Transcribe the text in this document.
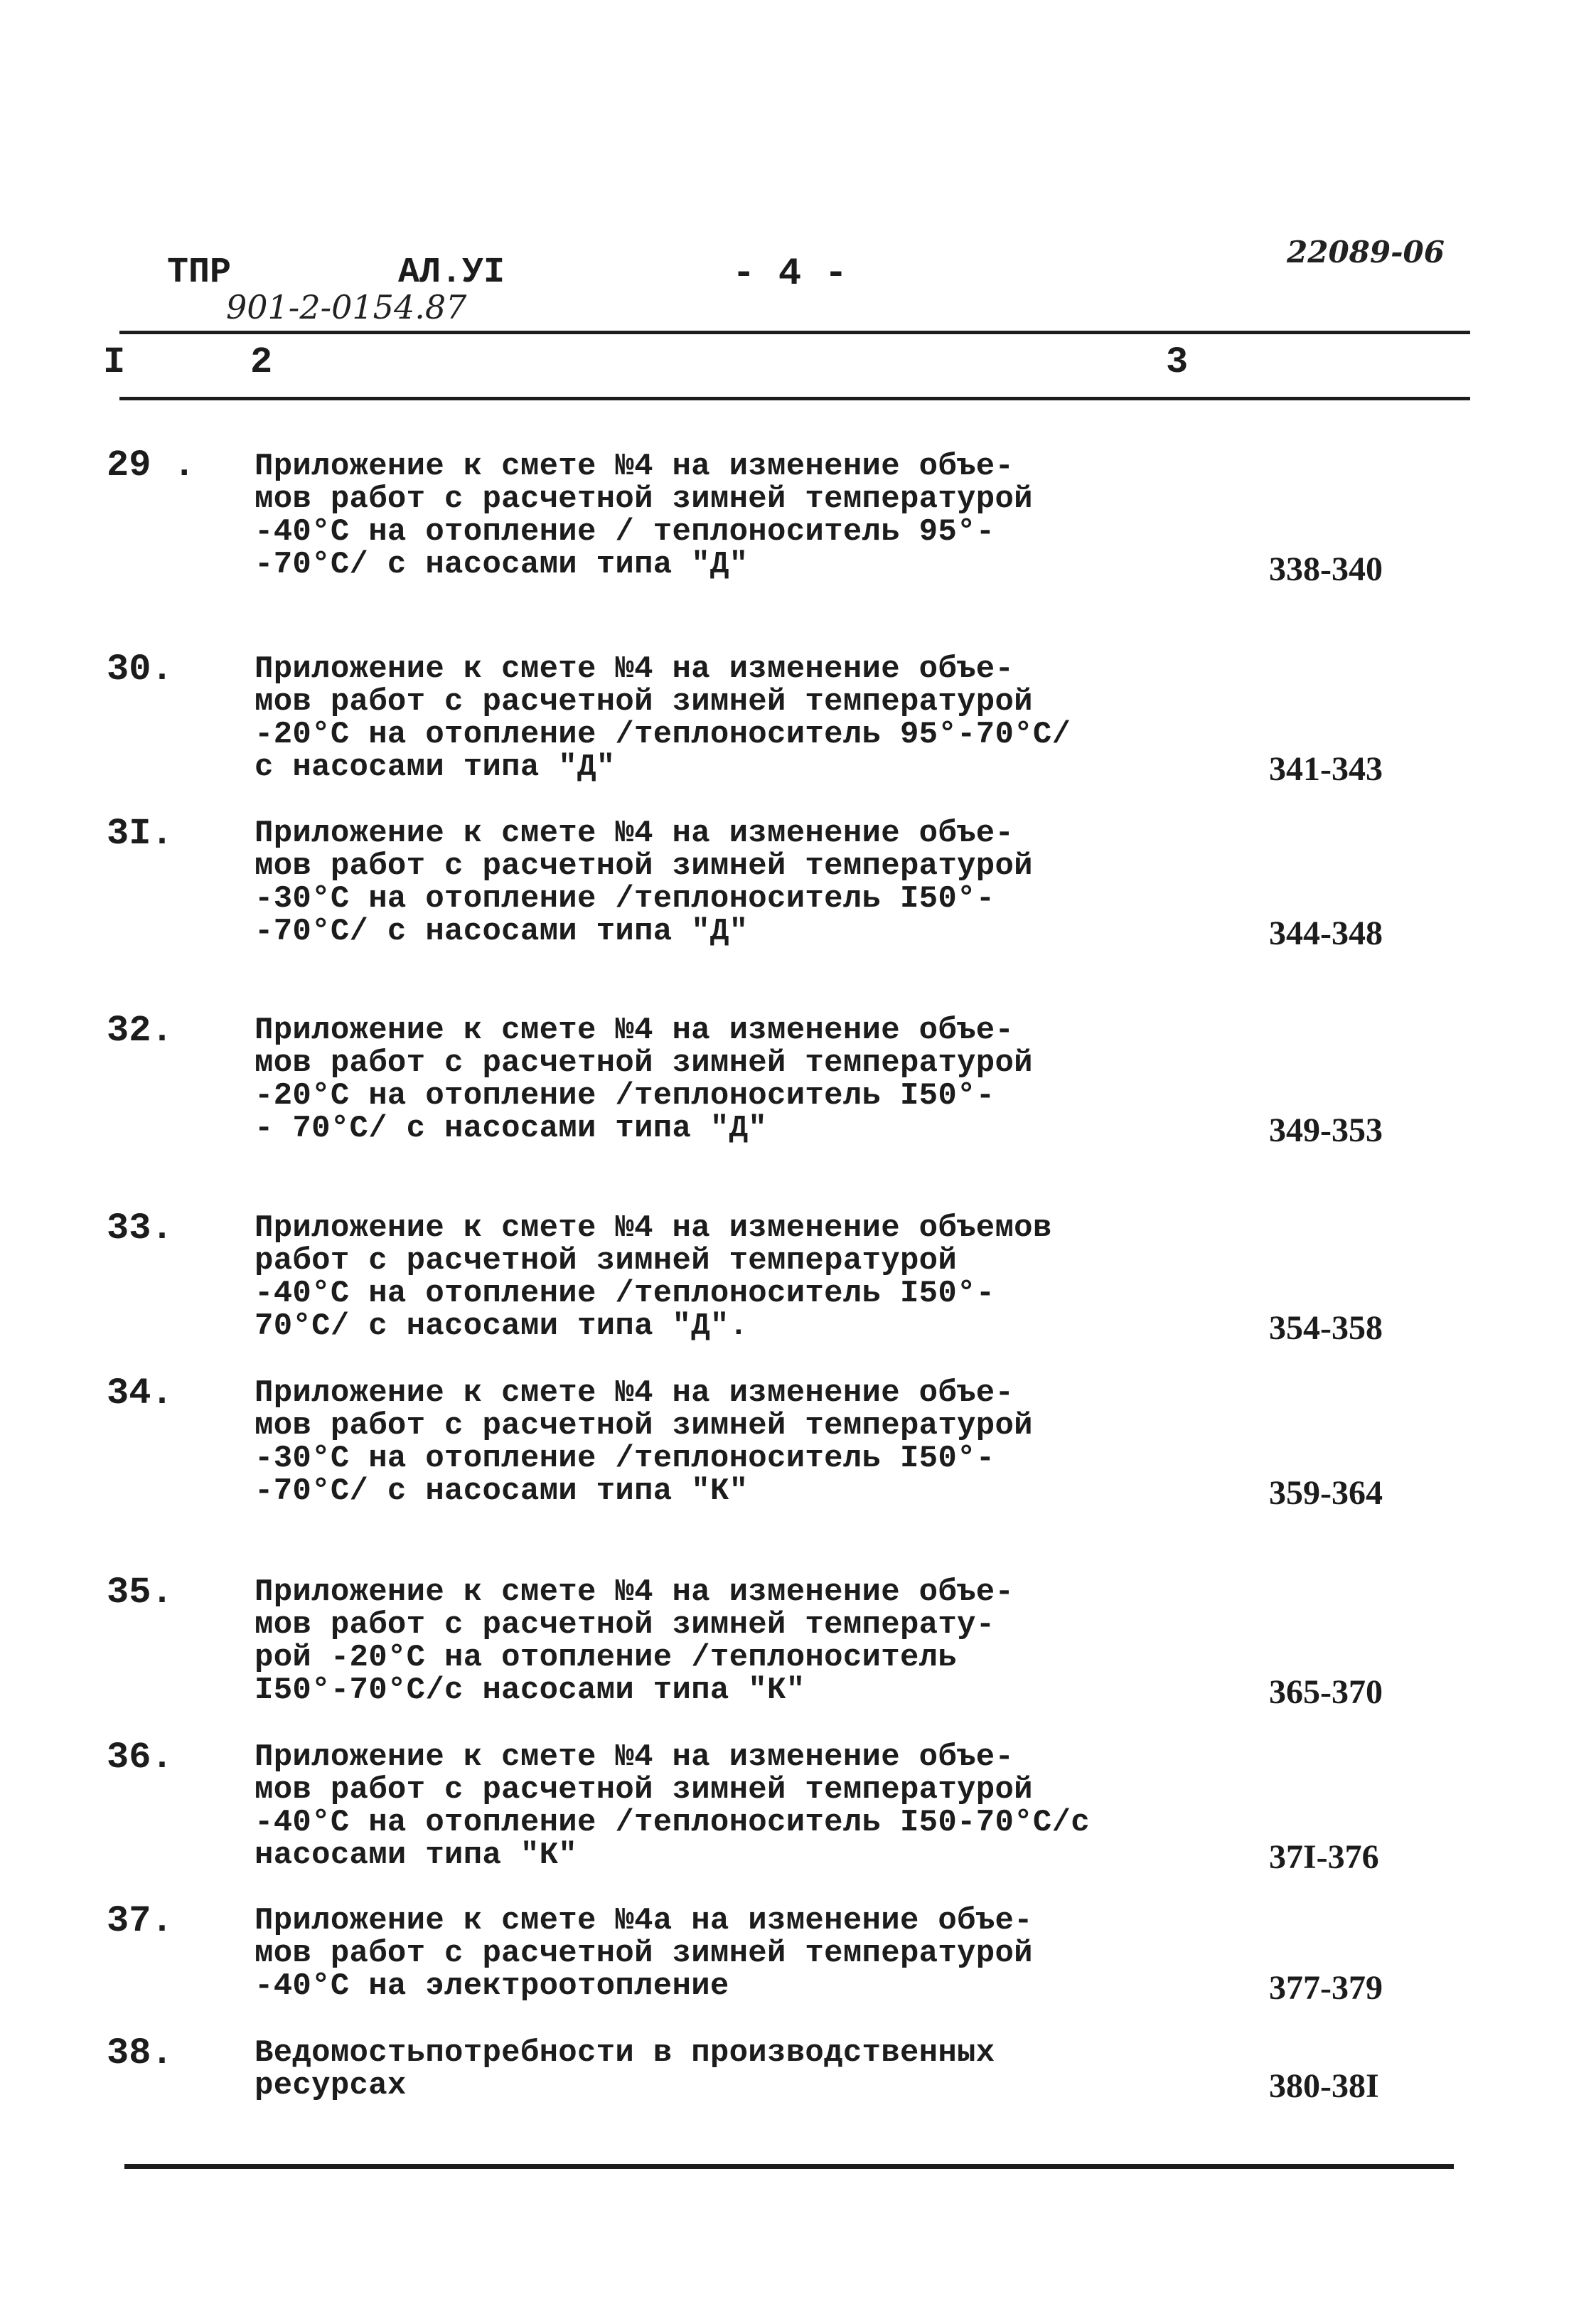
ТПР	АЛ.УI	- 4 -
22089-06
901-2-0154.87
I	2	3
29 .	Приложение к смете №4 на изменение объе-
мов работ с расчетной зимней температурой
-40°С на отопление / теплоноситель 95°-
-70°С/ с насосами типа "Д"	338-340
30.	Приложение к смете №4 на изменение объе-
мов работ с расчетной зимней температурой
-20°С на отопление /теплоноситель 95°-70°С/
с насосами типа "Д"	341-343
3I.	Приложение к смете №4 на изменение объе-
мов работ с расчетной зимней температурой
-30°С на отопление /теплоноситель I50°-
-70°С/ с насосами типа "Д"	344-348
32.	Приложение к смете №4 на изменение объе-
мов работ с расчетной зимней температурой
-20°С на отопление /теплоноситель I50°-
- 70°С/ с насосами типа "Д"	349-353
33.	Приложение к смете №4 на изменение объемов
работ с расчетной зимней температурой
-40°С на отопление /теплоноситель I50°-
70°С/ с насосами типа "Д".	354-358
34.	Приложение к смете №4 на изменение объе-
мов работ с расчетной зимней температурой
-30°С на отопление /теплоноситель I50°-
-70°С/ с насосами типа "К"	359-364
35.	Приложение к смете №4 на изменение объе-
мов работ с расчетной зимней температу-
рой -20°С на отопление /теплоноситель
I50°-70°С/с насосами типа "К"	365-370
36.	Приложение к смете №4 на изменение объе-
мов работ с расчетной зимней температурой
-40°С на отопление /теплоноситель I50-70°С/с
насосами типа "К"	37I-376
37.	Приложение к смете №4а на изменение объе-
мов работ с расчетной зимней температурой
-40°С на электроотопление	377-379
38.	Ведомостьпотребности в производственных
ресурсах	380-38I
